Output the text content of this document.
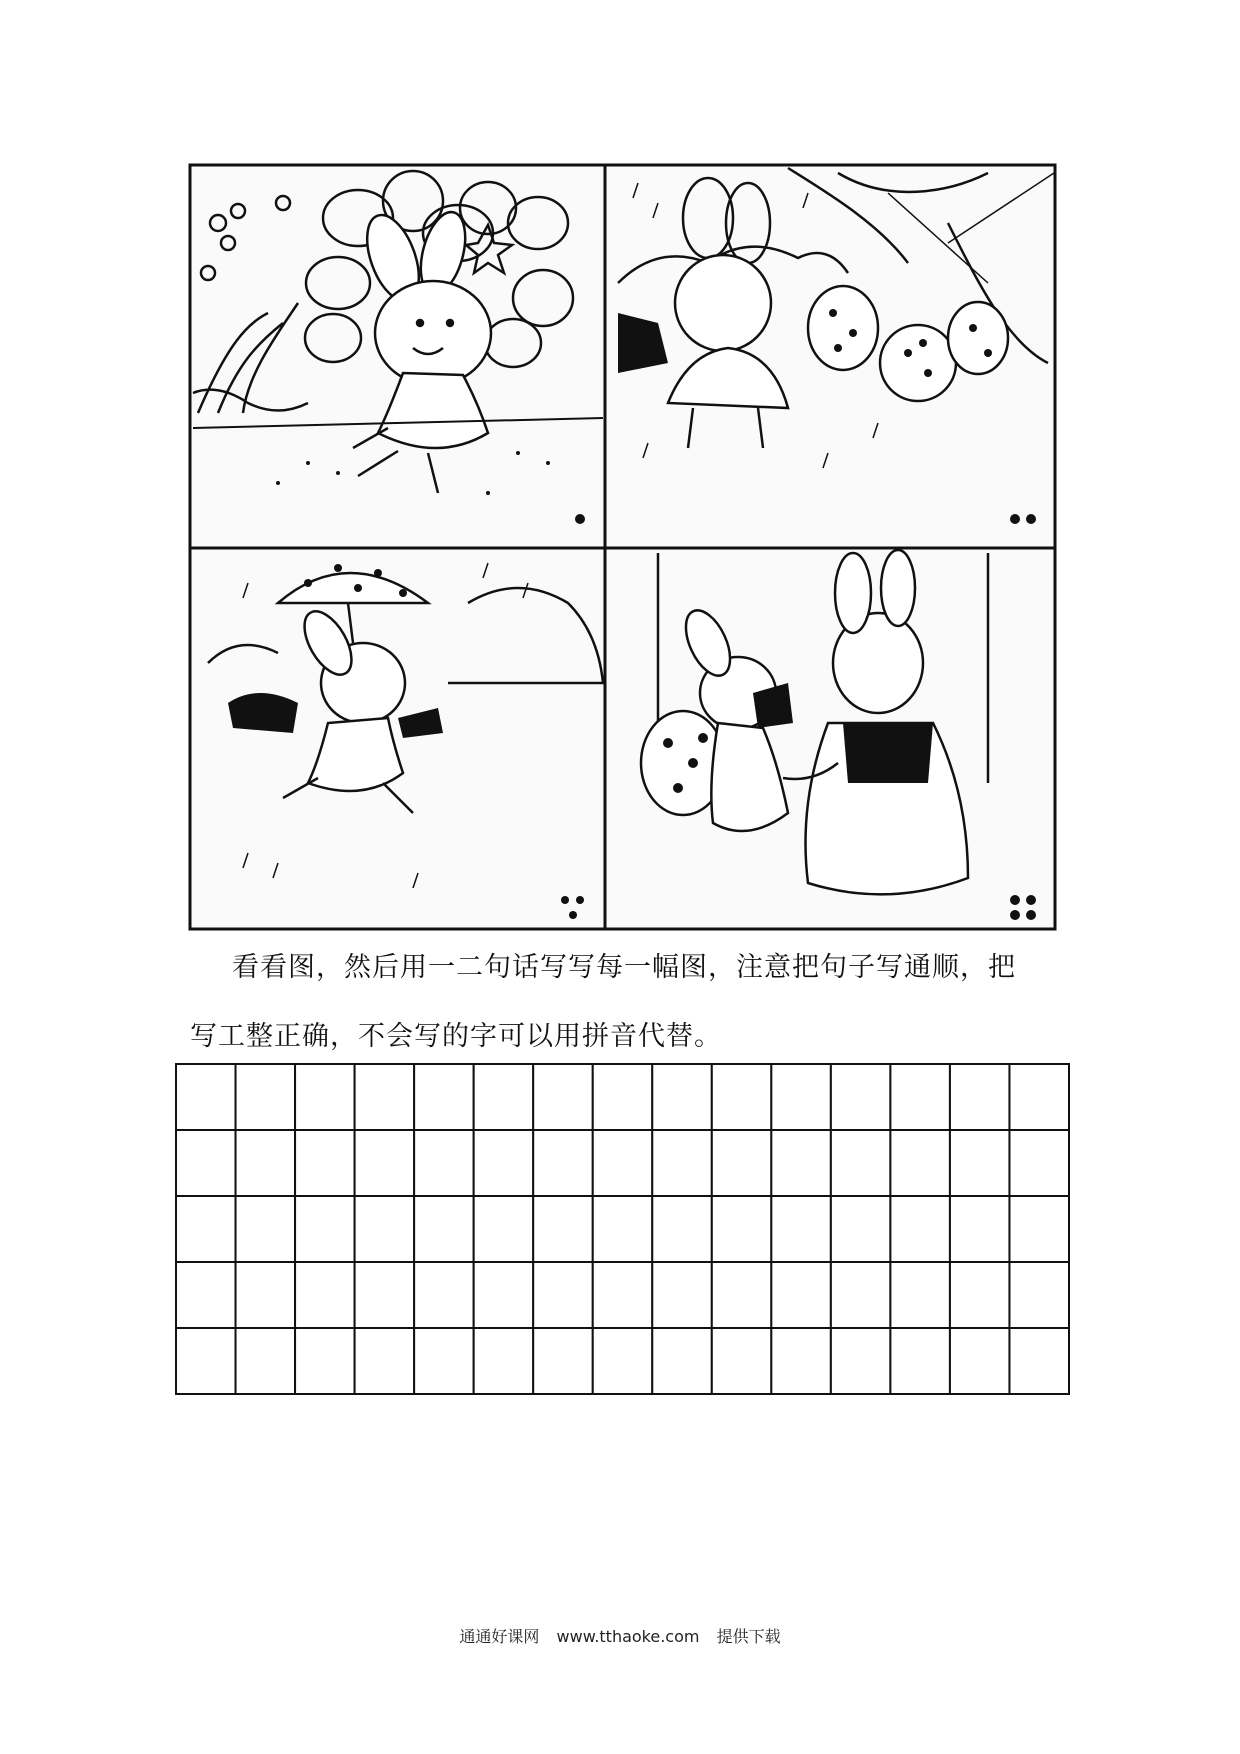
看看图，然后用一二句话写写每一幅图，注意把句子写通顺，把
写工整正确，不会写的字可以用拼音代替。
通通好课网 www.tthaoke.com 提供下载
